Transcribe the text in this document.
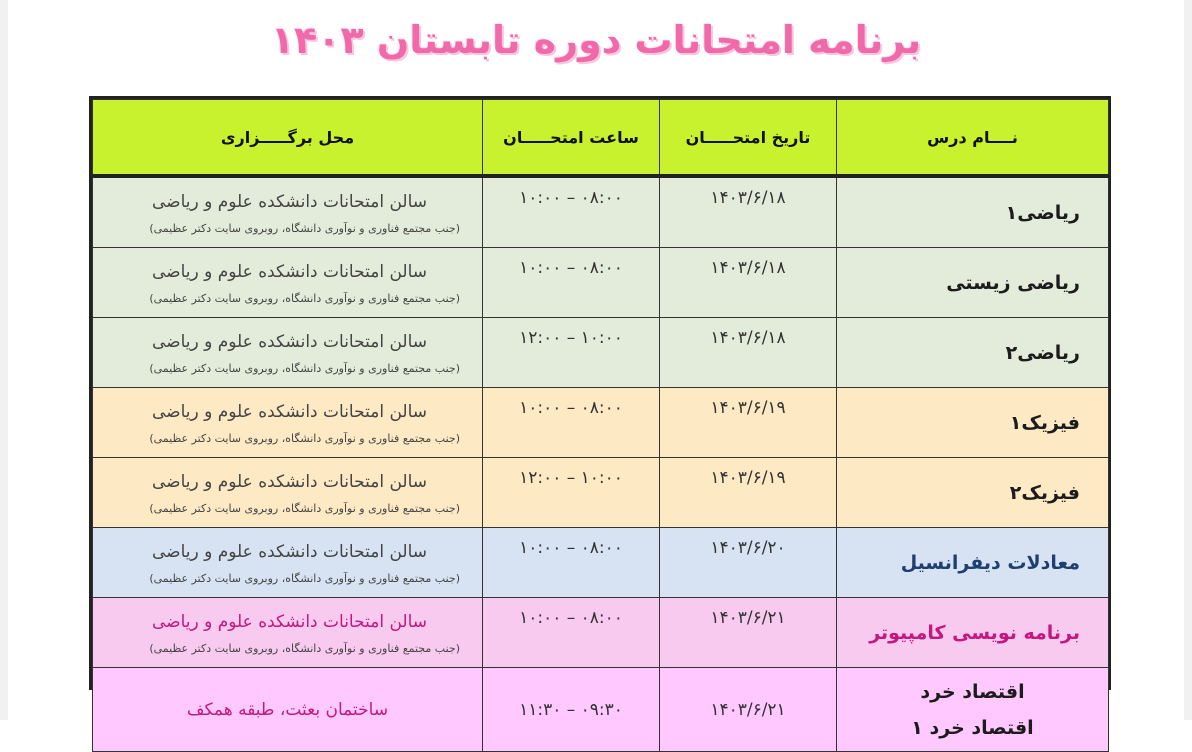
برنامه امتحانات دوره تابستان ۱۴۰۳
نــــام درس	تاریخ امتحـــــان	ساعت امتحـــــان	محل برگـــــزاری
ریاضی۱	۱۴۰۳/۶/۱۸	۰۸:۰۰ – ۱۰:۰۰	سالن امتحانات دانشکده علوم و ریاضی
(جنب مجتمع فناوری و نوآوری دانشگاه، روبروی سایت دکتر عظیمی)

ریاضی زیستی	۱۴۰۳/۶/۱۸	۰۸:۰۰ – ۱۰:۰۰	سالن امتحانات دانشکده علوم و ریاضی
(جنب مجتمع فناوری و نوآوری دانشگاه، روبروی سایت دکتر عظیمی)

ریاضی۲	۱۴۰۳/۶/۱۸	۱۰:۰۰ – ۱۲:۰۰	سالن امتحانات دانشکده علوم و ریاضی
(جنب مجتمع فناوری و نوآوری دانشگاه، روبروی سایت دکتر عظیمی)

فیزیک۱	۱۴۰۳/۶/۱۹	۰۸:۰۰ – ۱۰:۰۰	سالن امتحانات دانشکده علوم و ریاضی
(جنب مجتمع فناوری و نوآوری دانشگاه، روبروی سایت دکتر عظیمی)

فیزیک۲	۱۴۰۳/۶/۱۹	۱۰:۰۰ – ۱۲:۰۰	سالن امتحانات دانشکده علوم و ریاضی
(جنب مجتمع فناوری و نوآوری دانشگاه، روبروی سایت دکتر عظیمی)

معادلات دیفرانسیل	۱۴۰۳/۶/۲۰	۰۸:۰۰ – ۱۰:۰۰	سالن امتحانات دانشکده علوم و ریاضی
(جنب مجتمع فناوری و نوآوری دانشگاه، روبروی سایت دکتر عظیمی)

برنامه نویسی کامپیوتر	۱۴۰۳/۶/۲۱	۰۸:۰۰ – ۱۰:۰۰	سالن امتحانات دانشکده علوم و ریاضی
(جنب مجتمع فناوری و نوآوری دانشگاه، روبروی سایت دکتر عظیمی)

اقتصاد خرد
اقتصاد خرد ۱	۱۴۰۳/۶/۲۱	۰۹:۳۰ – ۱۱:۳۰	ساختمان بعثت، طبقه همکف
